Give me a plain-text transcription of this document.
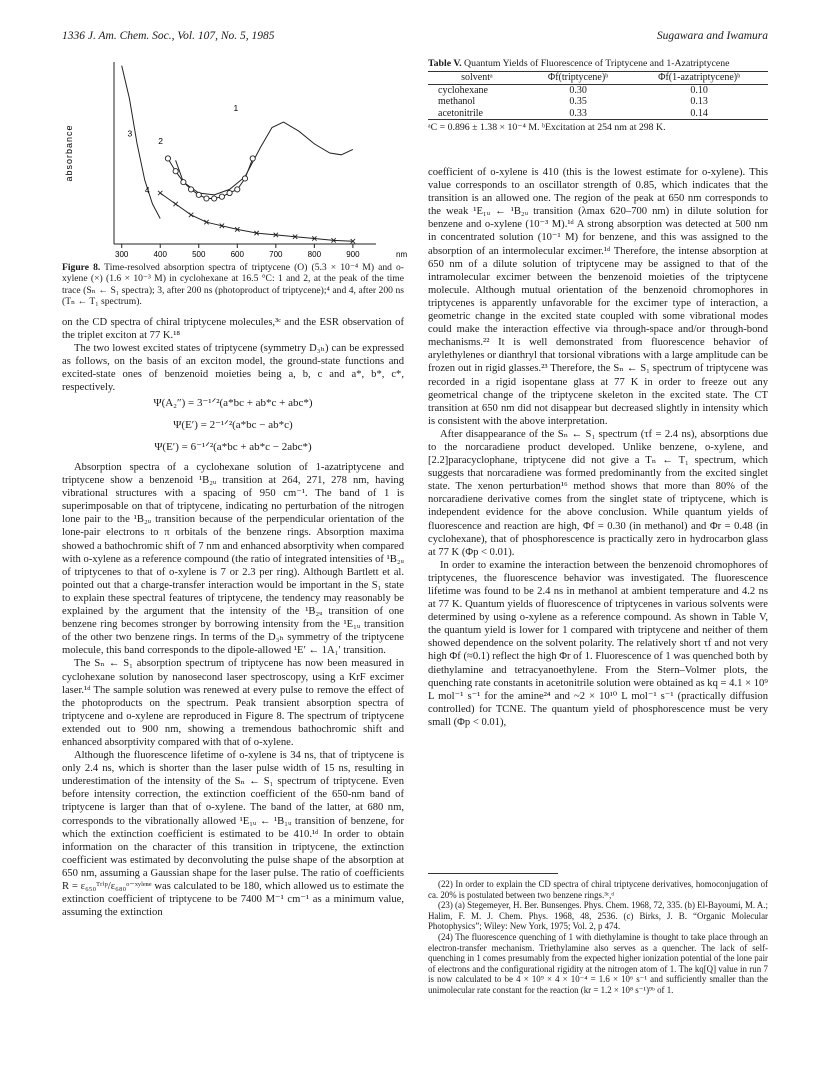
1336 J. Am. Chem. Soc., Vol. 107, No. 5, 1985	Sugawara and Iwamura
absorbance
300	400	500	600	700	800	900	nm
1
2
3
4
Figure 8. Time-resolved absorption spectra of triptycene (O) (5.3 × 10⁻⁴ M) and o-xylene (×) (1.6 × 10⁻³ M) in cyclohexane at 16.5 °C: 1 and 2, at the peak of the time trace (Sₙ ← S₁ spectra); 3, after 200 ns (photoproduct of triptycene);⁴ and 4, after 200 ns (Tₙ ← T₁ spectrum).

on the CD spectra of chiral triptycene molecules,³ᶜ and the ESR observation of the triplet exciton at 77 K.¹⁸

The two lowest excited states of triptycene (symmetry D₃ₕ) can be expressed as follows, on the basis of an exciton model, the ground-state functions and excited-state ones of benzenoid moieties being a, b, c and a*, b*, c*, respectively.

Ψ(A₂″) = 3⁻¹ᐟ²(a*bc + ab*c + abc*)
Ψ(E′) = 2⁻¹ᐟ²(a*bc − ab*c)
Ψ(E′) = 6⁻¹ᐟ²(a*bc + ab*c − 2abc*)

Absorption spectra of a cyclohexane solution of 1-azatriptycene and triptycene show a benzenoid ¹B₂ᵤ transition at 264, 271, 278 nm, having vibrational structures with a spacing of 950 cm⁻¹. The band of 1 is superimposable on that of triptycene, indicating no perturbation of the nitrogen lone pair to the ¹B₂ᵤ transition because of the perpendicular orientation of the lone-pair electrons to π orbitals of the benzene rings. Absorption maxima showed a bathochromic shift of 7 nm and enhanced absorptivity when compared with o-xylene as a reference compound (the ratio of integrated intensities of ¹B₂ᵤ of triptycenes to that of o-xylene is 7 or 2.3 per ring). Although Bartlett et al. pointed out that a charge-transfer interaction would be important in the S₁ state to explain these spectral features of triptycene, the tendency may reasonably be explained by the argument that the intensity of the ¹B₂ᵤ transition of one benzene ring becomes stronger by borrowing intensity from the ¹E₁ᵤ transition of the other two benzene rings. In terms of the D₃ₕ symmetry of the triptycene molecule, this band corresponds to the dipole-allowed ¹E′ ← 1A₁′ transition.

The Sₙ ← S₁ absorption spectrum of triptycene has now been measured in cyclohexane solution by nanosecond laser spectroscopy, using a KrF excimer laser.¹ᵈ The sample solution was renewed at every pulse to remove the effect of the photoproducts on the spectrum. Peak transient absorption spectra of triptycene and o-xylene are reproduced in Figure 8. The spectrum of triptycene extended out to 900 nm, showing a tremendous bathochromic shift and enhanced absorptivity compared with that of o-xylene.

Although the fluorescence lifetime of o-xylene is 34 ns, that of triptycene is only 2.4 ns, which is shorter than the laser pulse width of 15 ns, resulting in underestimation of the intensity of the Sₙ ← S₁ spectrum of triptycene. Even before intensity correction, the extinction coefficient of the 650-nm band of triptycene is larger than that of o-xylene. The band of the latter, at 680 nm, corresponds to the vibrationally allowed ¹E₁ᵤ ← ¹B₁ᵤ transition of benzene, for which the extinction coefficient is estimated to be 410.¹ᵈ In order to obtain information on the character of this transition in triptycene, the extinction coefficient was estimated by deconvoluting the pulse shape of the absorption at 650 nm, assuming a Gaussian shape for the laser pulse. The ratio of coefficients R = ε₆₅₀ᵀʳⁱᵖ/ε₆₈₀ᵒ⁻ˣʸˡᵉⁿᵉ was calculated to be 180, which allowed us to estimate the extinction coefficient of triptycene to be 7400 M⁻¹ cm⁻¹ as a minimum value, assuming the extinction

Table V. Quantum Yields of Fluorescence of Triptycene and 1-Azatriptycene
solventᵃ	Φf(triptycene)ᵇ	Φf(1-azatriptycene)ᵇ
cyclohexane	0.30	0.10
methanol	0.35	0.13
acetonitrile	0.33	0.14
ᵃC = 0.896 ± 1.38 × 10⁻⁴ M. ᵇExcitation at 254 nm at 298 K.

coefficient of o-xylene is 410 (this is the lowest estimate for o-xylene). This value corresponds to an oscillator strength of 0.85, which indicates that the transition is an allowed one. The region of the peak at 650 nm corresponds to the weak ¹E₁ᵤ ← ¹B₂ᵤ transition (λmax 620–700 nm) in dilute solution for benzene and o-xylene (10⁻³ M).¹ᵈ A strong absorption was detected at 500 nm in concentrated solution (10⁻¹ M) for benzene, and this was assigned to the absorption of an intermolecular excimer.¹ᵈ Therefore, the intense absorption at 650 nm of a dilute solution of triptycene may be assigned to that of the intramolecular excimer between the benzenoid moieties of the triptycene molecule. Although mutual orientation of the benzenoid chromophores in triptycenes is apparently unfavorable for the excimer type of interaction, a geometric change in the excited state coupled with some vibrational modes could make the interaction effective via through-space and/or through-bond mechanisms.²² It is well demonstrated from fluorescence behavior of arylethylenes or dianthryl that torsional vibrations with a large amplitude can be frozen out in rigid glasses.²³ Therefore, the Sₙ ← S₁ spectrum of triptycene was recorded in a rigid isopentane glass at 77 K in order to freeze out any geometrical change of the triptycene skeleton in the excited state. The CT transition at 650 nm did not disappear but decreased slightly in intensity which is consistent with the above interpretation.

After disappearance of the Sₙ ← S₁ spectrum (τf = 2.4 ns), absorptions due to the norcaradiene product developed. Unlike benzene, o-xylene, and [2.2]paracyclophane, triptycene did not give a Tₙ ← T₁ spectrum, which suggests that norcaradiene was formed predominantly from the excited singlet state. The xenon perturbation¹⁶ method shows that more than 80% of the norcaradiene derivative comes from the singlet state of triptycene, which is independent evidence for the above conclusion. While quantum yields of fluorescence and reaction are high, Φf = 0.30 (in methanol) and Φr = 0.48 (in cyclohexane), that of phosphorescence is practically zero in hydrocarbon glass at 77 K (Φp < 0.01).

In order to examine the interaction between the benzenoid chromophores of triptycenes, the fluorescence behavior was investigated. The fluorescence lifetime was found to be 2.4 ns in methanol at ambient temperature and 4.2 ns at 77 K. Quantum yields of fluorescence of triptycenes in various solvents were determined by using o-xylene as a reference compound. As shown in Table V, the quantum yield is lower for 1 compared with triptycene and neither of them showed dependence on the solvent polarity. The relatively short τf and not very high Φf (≈0.1) reflect the high Φr of 1. Fluorescence of 1 was quenched both by diethylamine and tetracyanoethylene. From the Stern–Volmer plots, the quenching rate constants in acetonitrile solution were obtained as kq = 4.1 × 10⁹ L mol⁻¹ s⁻¹ for the amine²⁴ and ~2 × 10¹⁰ L mol⁻¹ s⁻¹ (practically diffusion controlled) for TCNE. The quantum yield of phosphorescence must be very small (Φp < 0.01),

(22) In order to explain the CD spectra of chiral triptycene derivatives, homoconjugation of ca. 20% is postulated between two benzene rings.³ᶜ,ᵈ

(23) (a) Stegemeyer, H. Ber. Bunsenges. Phys. Chem. 1968, 72, 335. (b) El-Bayoumi, M. A.; Halim, F. M. J. Chem. Phys. 1968, 48, 2536. (c) Birks, J. B. “Organic Molecular Photophysics”; Wiley: New York, 1975; Vol. 2, p 474.

(24) The fluorescence quenching of 1 with diethylamine is thought to take place through an electron-transfer mechanism. Triethylamine also serves as a quencher. The lack of self-quenching in 1 comes presumably from the expected higher ionization potential of the lone pair of electrons and the configurational rigidity at the nitrogen atom of 1. The kq[Q] value in run 7 is now calculated to be 4 × 10⁹ × 4 × 10⁻⁴ = 1.6 × 10⁶ s⁻¹ and sufficiently smaller than the unimolecular rate constant for the reaction (kr = 1.2 × 10⁸ s⁻¹)⁹ᵇ of 1.
